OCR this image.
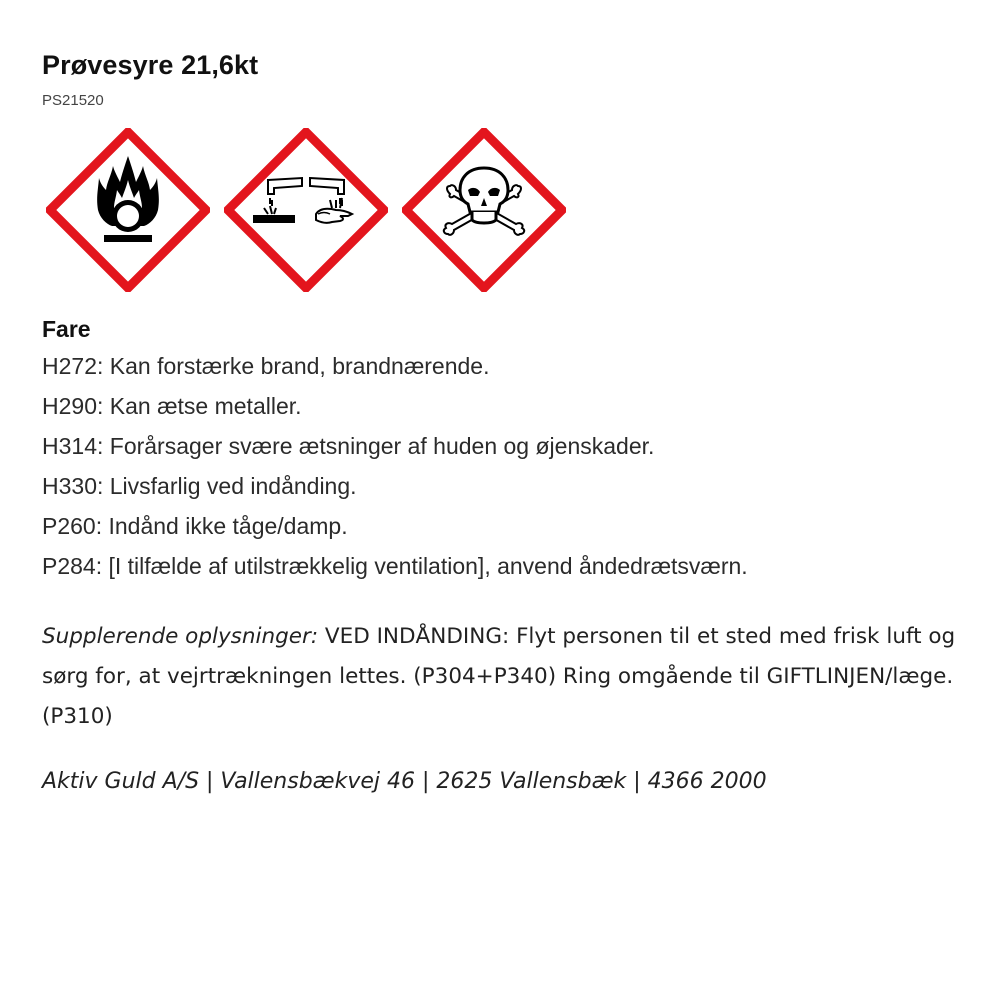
Prøvesyre 21,6kt
PS21520
Fare
H272: Kan forstærke brand, brandnærende.
H290: Kan ætse metaller.
H314: Forårsager svære ætsninger af huden og øjenskader.
H330: Livsfarlig ved indånding.
P260: Indånd ikke tåge/damp.
P284: [I tilfælde af utilstrækkelig ventilation], anvend åndedrætsværn.
Supplerende oplysninger: VED INDÅNDING: Flyt personen til et sted med frisk luft og sørg for, at vejrtrækningen lettes. (P304+P340) Ring omgående til GIFTLINJEN/læge. (P310)
Aktiv Guld A/S | Vallensbækvej 46 | 2625 Vallensbæk | 4366 2000
